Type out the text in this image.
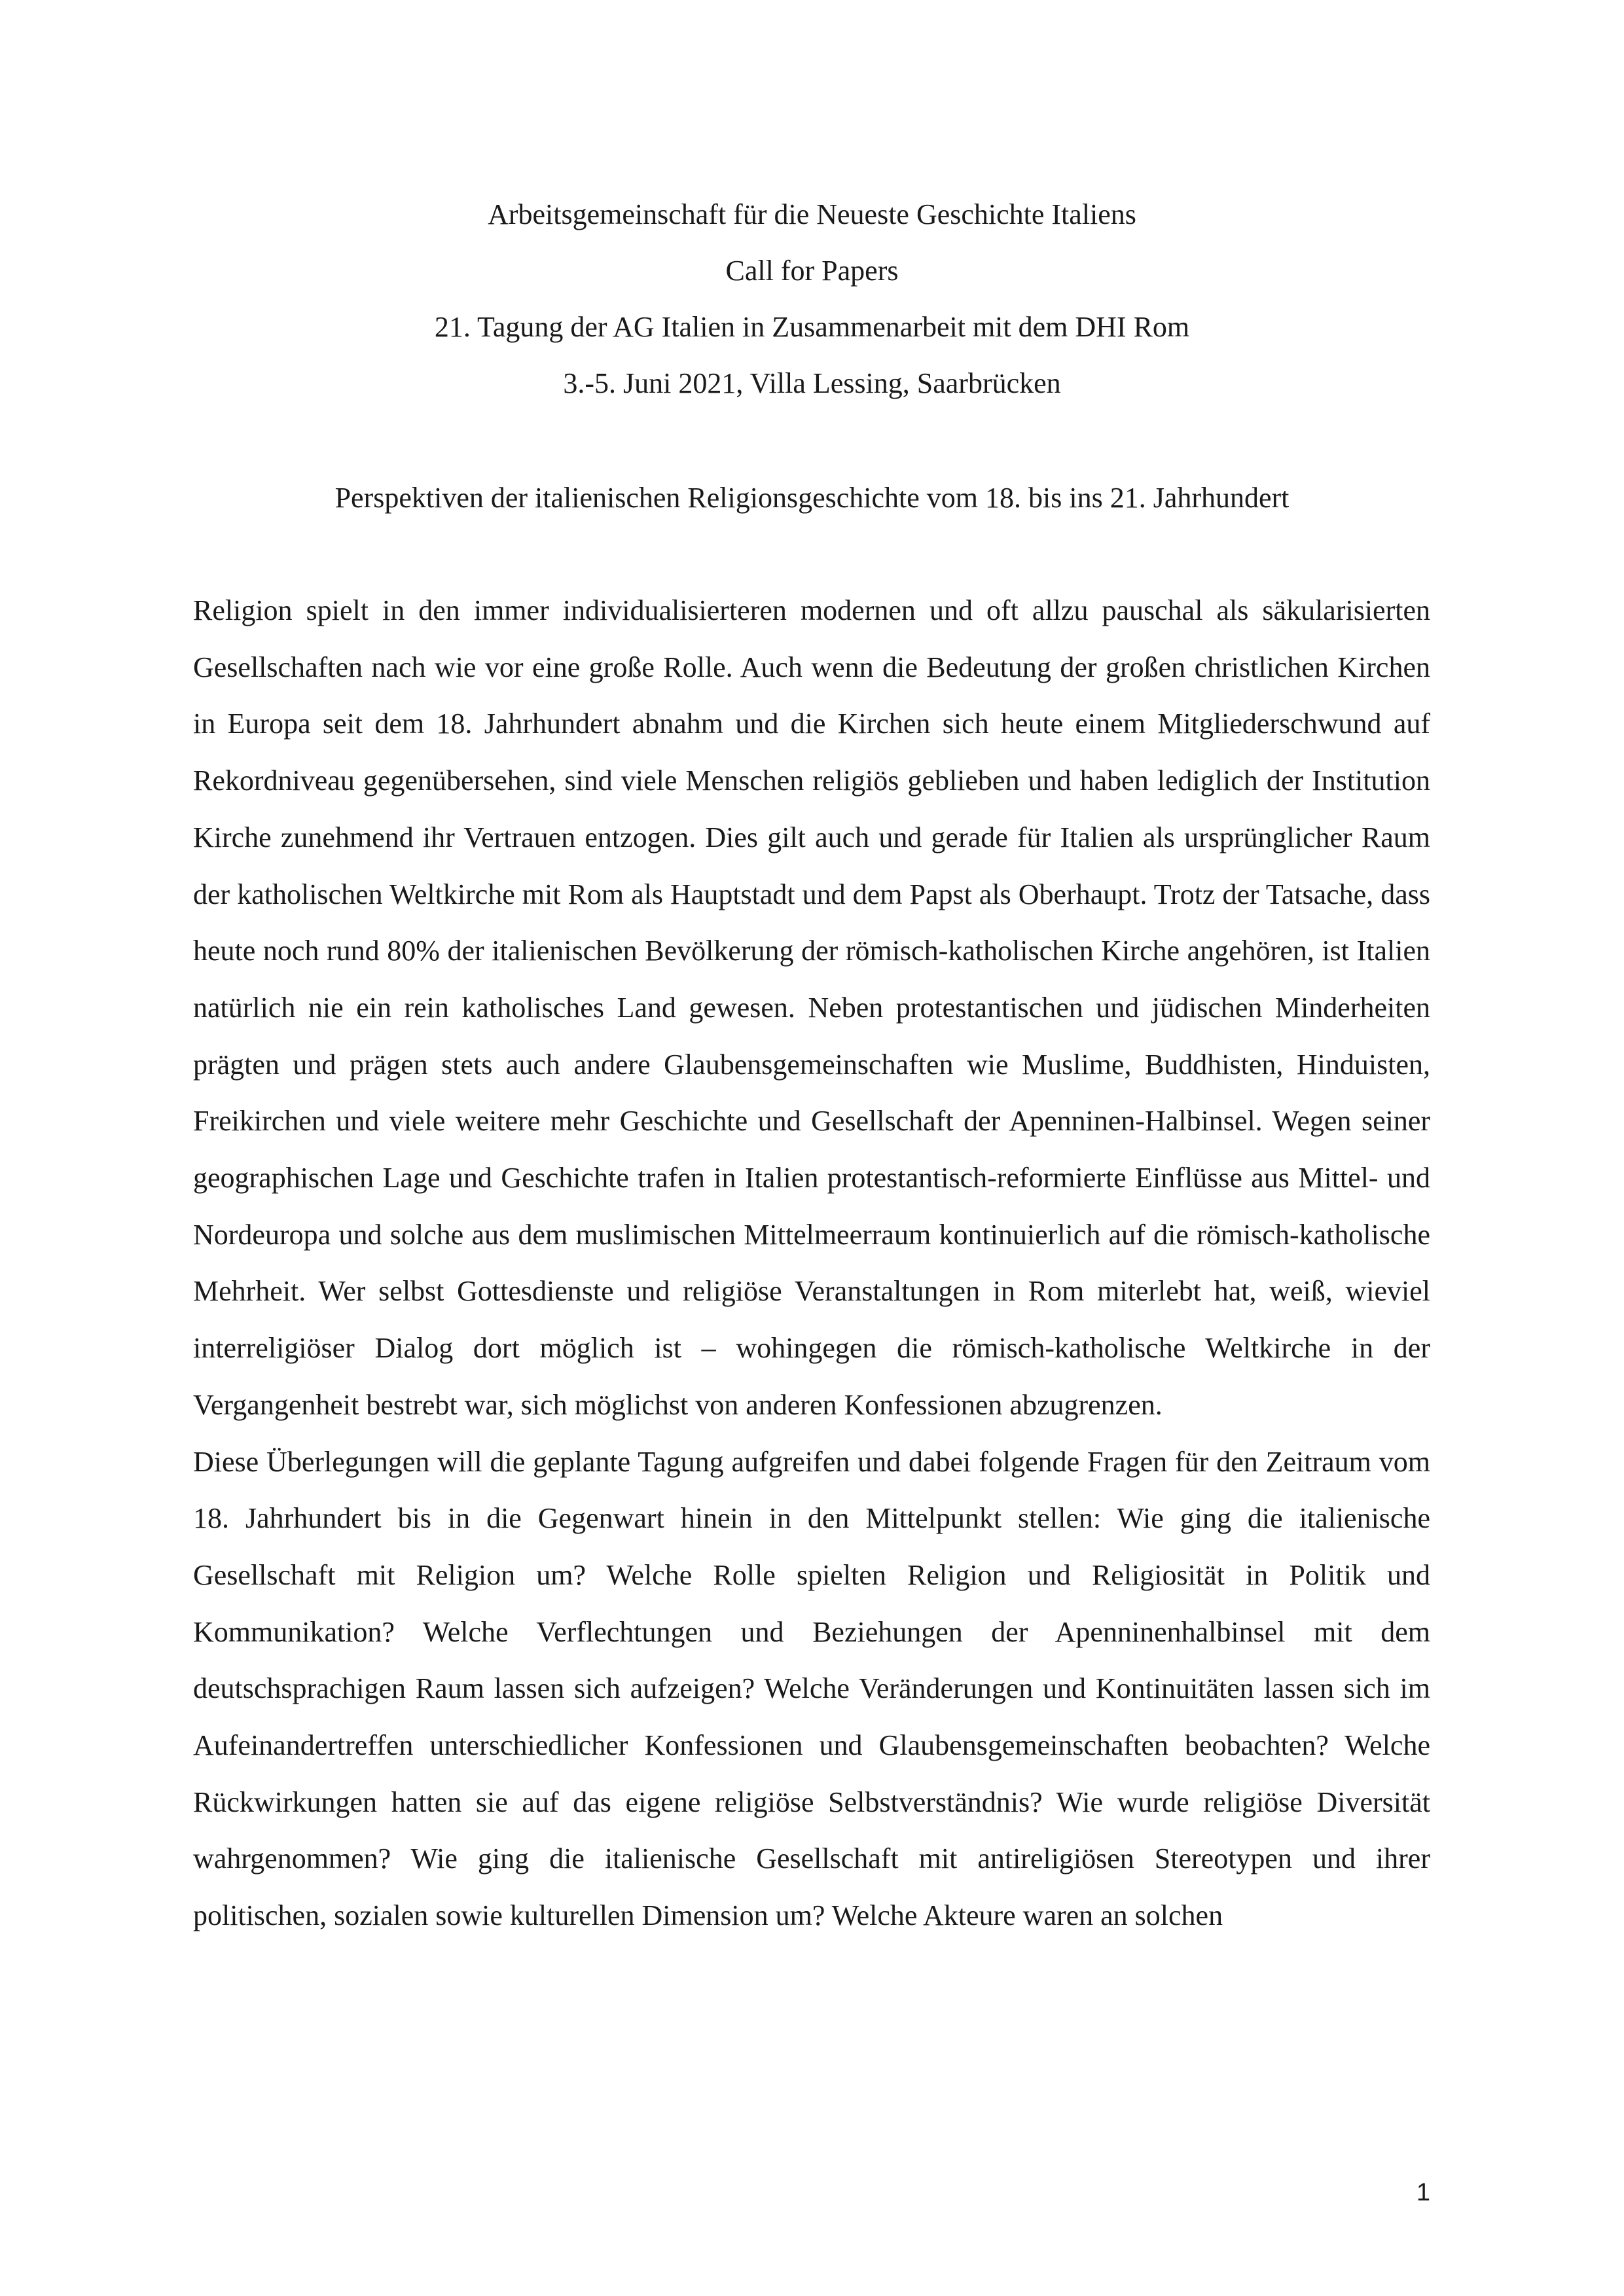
Arbeitsgemeinschaft für die Neueste Geschichte Italiens
Call for Papers
21. Tagung der AG Italien in Zusammenarbeit mit dem DHI Rom
3.-5. Juni 2021, Villa Lessing, Saarbrücken
Perspektiven der italienischen Religionsgeschichte vom 18. bis ins 21. Jahrhundert

Religion spielt in den immer individualisierteren modernen und oft allzu pauschal als säkularisierten Gesellschaften nach wie vor eine große Rolle. Auch wenn die Bedeutung der großen christlichen Kirchen in Europa seit dem 18. Jahrhundert abnahm und die Kirchen sich heute einem Mitgliederschwund auf Rekordniveau gegenübersehen, sind viele Menschen religiös geblieben und haben lediglich der Institution Kirche zunehmend ihr Vertrauen entzogen. Dies gilt auch und gerade für Italien als ursprünglicher Raum der katholischen Weltkirche mit Rom als Hauptstadt und dem Papst als Oberhaupt. Trotz der Tatsache, dass heute noch rund 80% der italienischen Bevölkerung der römisch-katholischen Kirche angehören, ist Italien natürlich nie ein rein katholisches Land gewesen. Neben protestantischen und jüdischen Minderheiten prägten und prägen stets auch andere Glaubensgemeinschaften wie Muslime, Buddhisten, Hinduisten, Freikirchen und viele weitere mehr Geschichte und Gesellschaft der Apenninen-Halbinsel. Wegen seiner geographischen Lage und Geschichte trafen in Italien protestantisch-reformierte Einflüsse aus Mittel- und Nordeuropa und solche aus dem muslimischen Mittelmeerraum kontinuierlich auf die römisch-katholische Mehrheit. Wer selbst Gottesdienste und religiöse Veranstaltungen in Rom miterlebt hat, weiß, wieviel interreligiöser Dialog dort möglich ist – wohingegen die römisch-katholische Weltkirche in der Vergangenheit bestrebt war, sich möglichst von anderen Konfessionen abzugrenzen.

Diese Überlegungen will die geplante Tagung aufgreifen und dabei folgende Fragen für den Zeitraum vom 18. Jahrhundert bis in die Gegenwart hinein in den Mittelpunkt stellen: Wie ging die italienische Gesellschaft mit Religion um? Welche Rolle spielten Religion und Religiosität in Politik und Kommunikation? Welche Verflechtungen und Beziehungen der Apenninenhalbinsel mit dem deutschsprachigen Raum lassen sich aufzeigen? Welche Veränderungen und Kontinuitäten lassen sich im Aufeinandertreffen unterschiedlicher Konfessionen und Glaubensgemeinschaften beobachten? Welche Rückwirkungen hatten sie auf das eigene religiöse Selbstverständnis? Wie wurde religiöse Diversität wahrgenommen? Wie ging die italienische Gesellschaft mit antireligiösen Stereotypen und ihrer politischen, sozialen sowie kulturellen Dimension um? Welche Akteure waren an solchen

1
